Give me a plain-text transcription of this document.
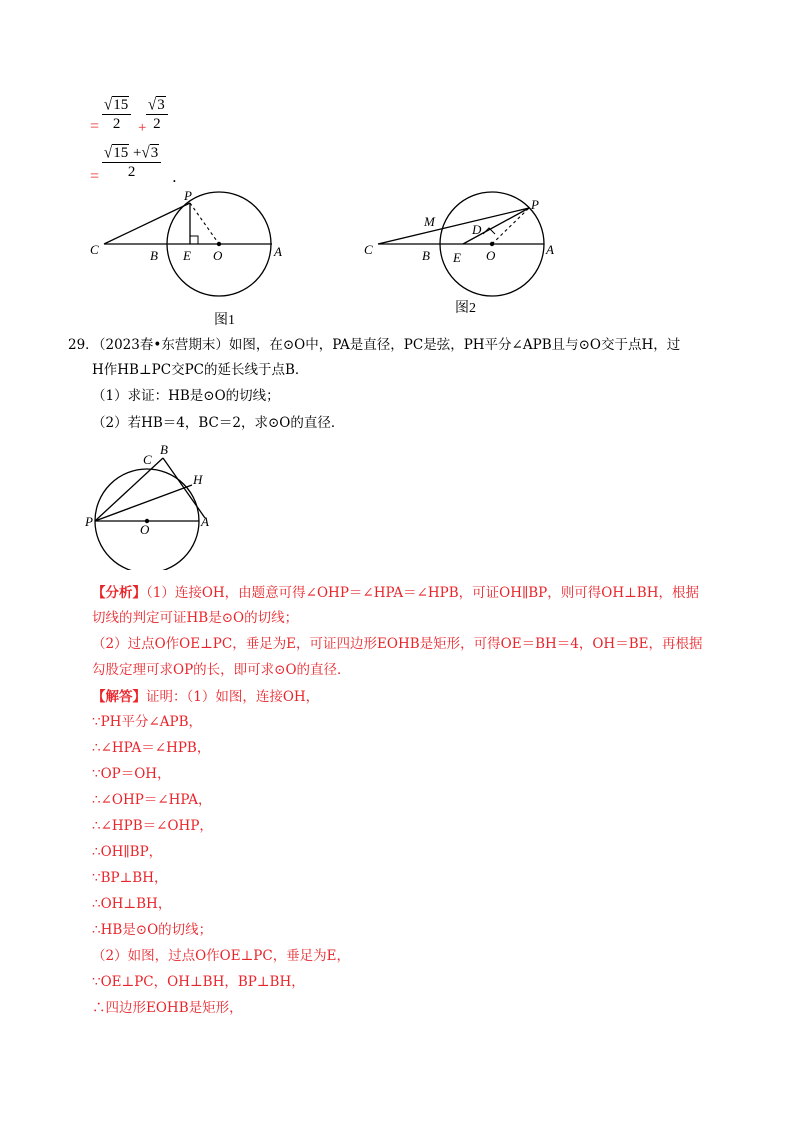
= $\frac{√15}{2} + \frac{√3}{2}$
= $\frac{√15 +√3}{2}$ .
P
C	B E O	A
图1
M
P
D
C	B E O	A
图2
29．
（2023春•东营期末）如图，在⊙O中，PA是直径，PC是弦，PH平分∠APB且与⊙O交于点H，过
H作HB⊥PC交PC的延长线于点B．
（1）求证：HB是⊙O的切线；
（2）若HB＝4，BC＝2，求⊙O的直径．
B
C
H
P
O
A
【分析】（1）连接OH，由题意可得∠OHP＝∠HPA＝∠HPB，可证OH∥BP，则可得OH⊥BH，根据
切线的判定可证HB是⊙O的切线；
（2）过点O作OE⊥PC，垂足为E，可证四边形EOHB是矩形，可得OE＝BH＝4，OH＝BE，再根据
勾股定理可求OP的长，即可求⊙O的直径．
【解答】证明：（1）如图，连接OH，
∵PH平分∠APB，
∴∠HPA＝∠HPB，
∵OP＝OH，
∴∠OHP＝∠HPA，
∴∠HPB＝∠OHP，
∴OH∥BP，
∵BP⊥BH，
∴OH⊥BH，
∴HB是⊙O的切线；
（2）如图，过点O作OE⊥PC，垂足为E，
∵OE⊥PC，OH⊥BH，BP⊥BH，
∴四边形EOHB是矩形，
